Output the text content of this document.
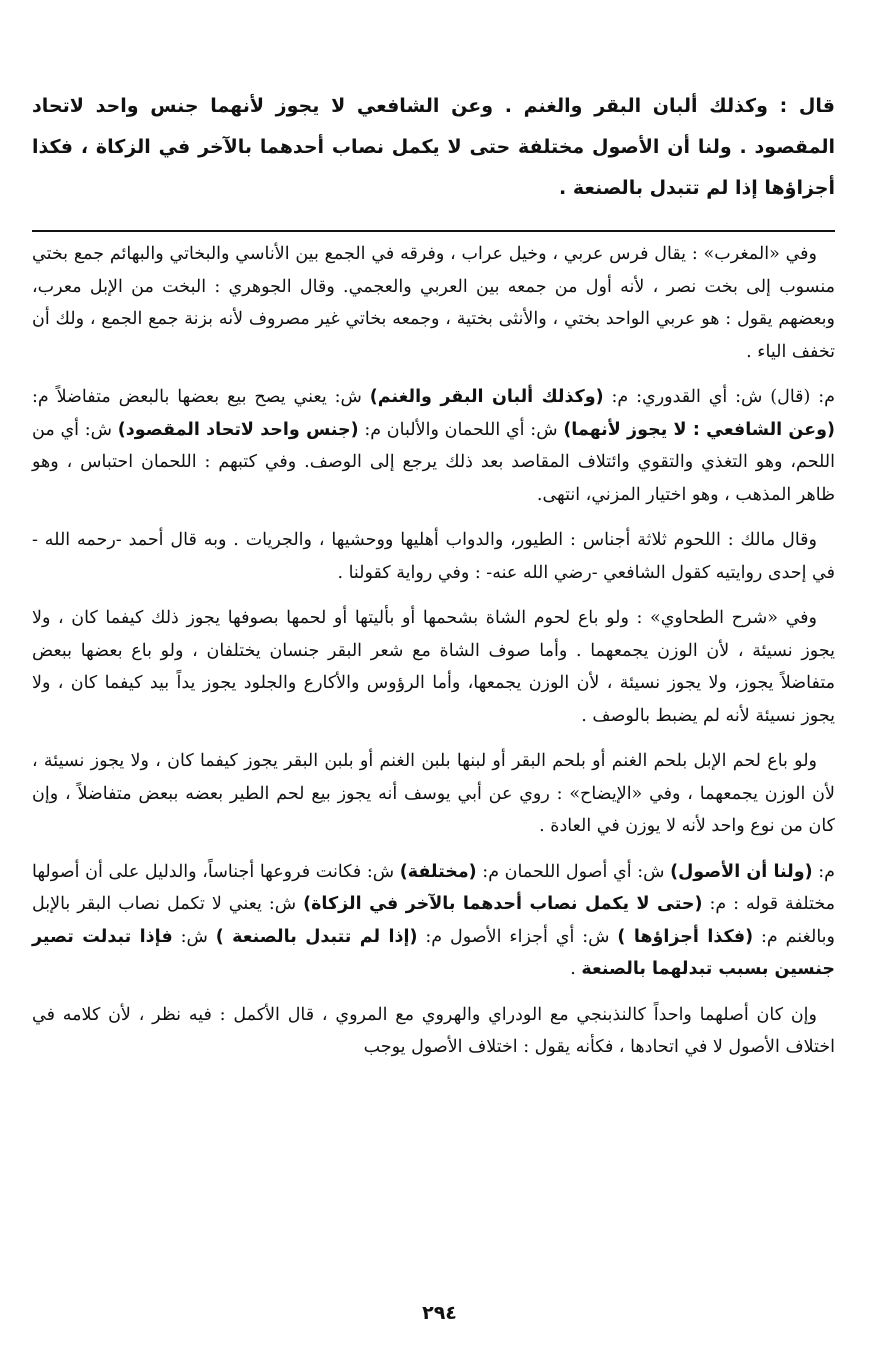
قال : وكذلك ألبان البقر والغنم . وعن الشافعي لا يجوز لأنهما جنس واحد لاتحاد المقصود . ولنا أن الأصول مختلفة حتى لا يكمل نصاب أحدهما بالآخر في الزكاة ، فكذا أجزاؤها إذا لم تتبدل بالصنعة .

وفي «المغرب» : يقال فرس عربي ، وخيل عراب ، وفرقه في الجمع بين الأناسي والبخاتي والبهائم جمع بختي منسوب إلى بخت نصر ، لأنه أول من جمعه بين العربي والعجمي. وقال الجوهري : البخت من الإبل معرب، وبعضهم يقول : هو عربي الواحد بختي ، والأنثى بختية ، وجمعه بخاتي غير مصروف لأنه بزنة جمع الجمع ، ولك أن تخفف الياء .

م: (قال) ش: أي القدوري: م: (وكذلك ألبان البقر والغنم) ش: يعني يصح بيع بعضها بالبعض متفاضلاً م: (وعن الشافعي : لا يجوز لأنهما) ش: أي اللحمان والألبان م: (جنس واحد لاتحاد المقصود) ش: أي من اللحم، وهو التغذي والتقوي وائتلاف المقاصد بعد ذلك يرجع إلى الوصف. وفي كتبهم : اللحمان احتباس ، وهو ظاهر المذهب ، وهو اختيار المزني، انتهى.

وقال مالك : اللحوم ثلاثة أجناس : الطيور، والدواب أهليها ووحشيها ، والجريات . وبه قال أحمد -رحمه الله - في إحدى روايتيه كقول الشافعي -رضي الله عنه- : وفي رواية كقولنا .

وفي «شرح الطحاوي» : ولو باع لحوم الشاة بشحمها أو بأليتها أو لحمها بصوفها يجوز ذلك كيفما كان ، ولا يجوز نسيئة ، لأن الوزن يجمعهما . وأما صوف الشاة مع شعر البقر جنسان يختلفان ، ولو باع بعضها ببعض متفاضلاً يجوز، ولا يجوز نسيئة ، لأن الوزن يجمعها، وأما الرؤوس والأكارع والجلود يجوز يداً بيد كيفما كان ، ولا يجوز نسيئة لأنه لم يضبط بالوصف .

ولو باع لحم الإبل بلحم الغنم أو بلحم البقر أو لبنها بلبن الغنم أو بلبن البقر يجوز كيفما كان ، ولا يجوز نسيئة ، لأن الوزن يجمعهما ، وفي «الإيضاح» : روي عن أبي يوسف أنه يجوز بيع لحم الطير بعضه ببعض متفاضلاً ، وإن كان من نوع واحد لأنه لا يوزن في العادة .

م: (ولنا أن الأصول) ش: أي أصول اللحمان م: (مختلفة) ش: فكانت فروعها أجناساً، والدليل على أن أصولها مختلفة قوله : م: (حتى لا يكمل نصاب أحدهما بالآخر في الزكاة) ش: يعني لا تكمل نصاب البقر بالإبل وبالغنم م: (فكذا أجزاؤها ) ش: أي أجزاء الأصول م: (إذا لم تتبدل بالصنعة ) ش: فإذا تبدلت تصير جنسين بسبب تبدلهما بالصنعة .

وإن كان أصلهما واحداً كالنذبنجي مع الودراي والهروي مع المروي ، قال الأكمل : فيه نظر ، لأن كلامه في اختلاف الأصول لا في اتحادها ، فكأنه يقول : اختلاف الأصول يوجب

٢٩٤
